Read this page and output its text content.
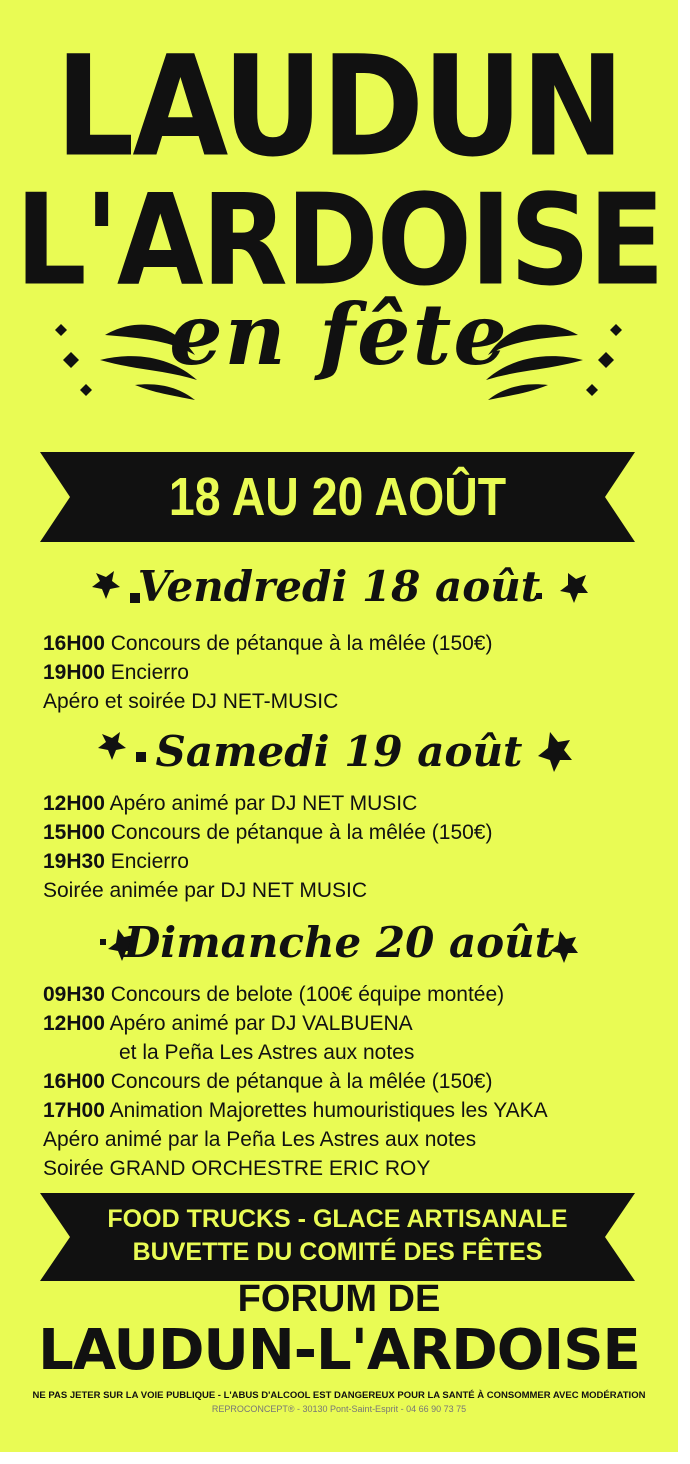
LAUDUN
L'ARDOISE
en fête
18 AU 20 AOÛT
Vendredi 18 août
16H00 Concours de pétanque à la mêlée (150€)
19H00 Encierro
Apéro et soirée DJ NET-MUSIC
Samedi 19 août
12H00 Apéro animé par DJ NET MUSIC
15H00 Concours de pétanque à la mêlée (150€)
19H30 Encierro
Soirée animée par DJ NET MUSIC
Dimanche 20 août
09H30 Concours de belote (100€ équipe montée)
12H00 Apéro animé par DJ VALBUENA
et la Peña Les Astres aux notes
16H00 Concours de pétanque à la mêlée (150€)
17H00 Animation Majorettes humouristiques les YAKA
Apéro animé par la Peña Les Astres aux notes
Soirée GRAND ORCHESTRE ERIC ROY
FOOD TRUCKS - GLACE ARTISANALE
BUVETTE DU COMITÉ DES FÊTES
FORUM DE
LAUDUN-L'ARDOISE
NE PAS JETER SUR LA VOIE PUBLIQUE - L'ABUS D'ALCOOL EST DANGEREUX POUR LA SANTÉ À CONSOMMER AVEC MODÉRATION
REPROCONCEPT® - 30130 Pont-Saint-Esprit - 04 66 90 73 75
